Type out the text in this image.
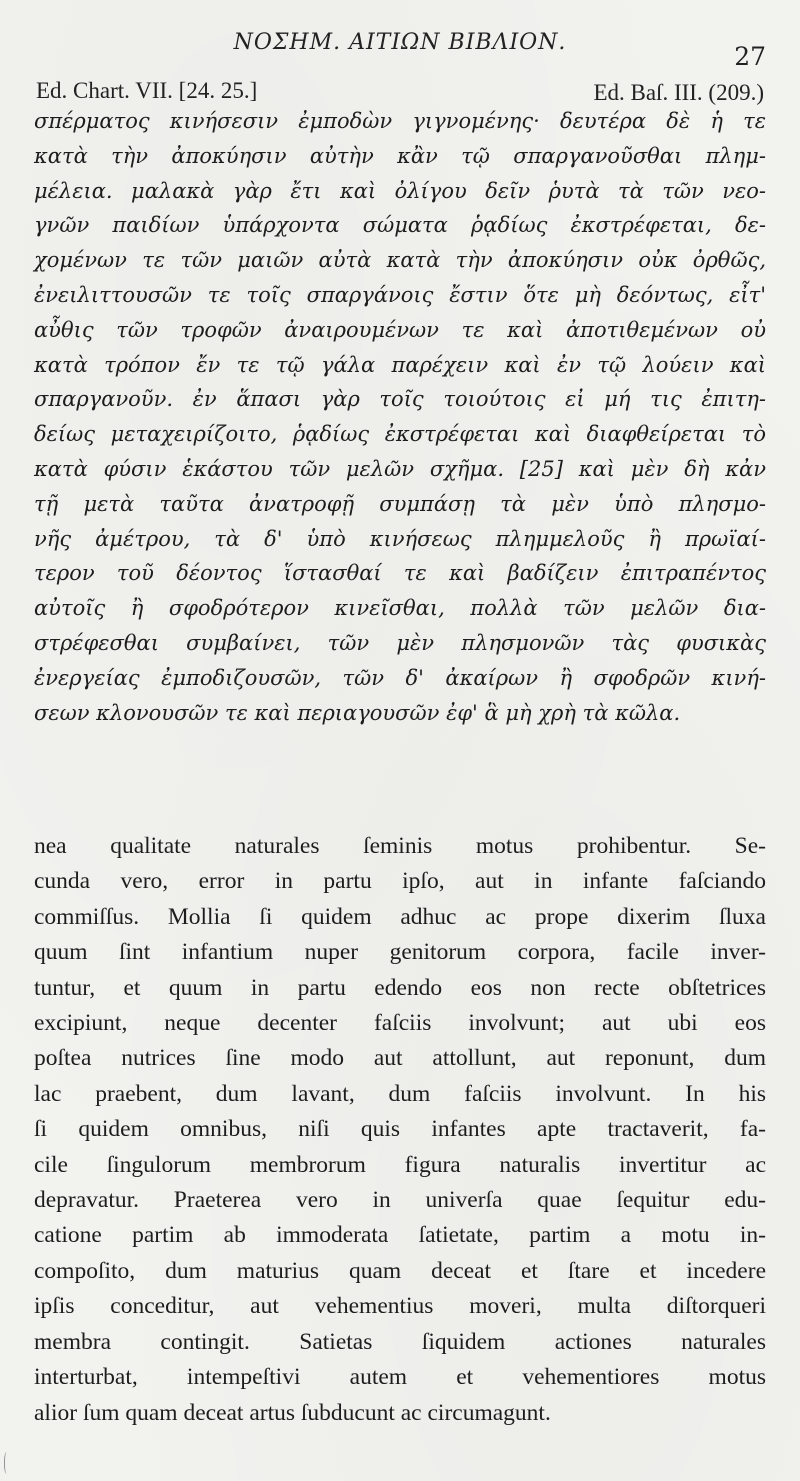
ΝΟΣΗΜ. ΑΙΤΙΩΝ ΒΙΒΛΙΟΝ.	27
Ed. Chart. VII. [24. 25.]	Ed. Baſ. III. (209.)
σπέρματος κινήσεσιν ἐμποδὼν γιγνομένης· δευτέρα δὲ ἡ τε
κατὰ τὴν ἀποκύησιν αὐτὴν κἂν τῷ σπαργανοῦσθαι πλημ-
μέλεια. μαλακὰ γὰρ ἔτι καὶ ὀλίγου δεῖν ῥυτὰ τὰ τῶν νεο-
γνῶν παιδίων ὑπάρχοντα σώματα ῥᾳδίως ἐκστρέφεται, δε-
χομένων τε τῶν μαιῶν αὐτὰ κατὰ τὴν ἀποκύησιν οὐκ ὀρθῶς,
ἐνειλιττουσῶν τε τοῖς σπαργάνοις ἔστιν ὅτε μὴ δεόντως, εἶτ'
αὖθις τῶν τροφῶν ἀναιρουμένων τε καὶ ἀποτιθεμένων οὐ
κατὰ τρόπον ἔν τε τῷ γάλα παρέχειν καὶ ἐν τῷ λούειν καὶ
σπαργανοῦν. ἐν ἅπασι γὰρ τοῖς τοιούτοις εἰ μή τις ἐπιτη-
δείως μεταχειρίζοιτο, ῥᾳδίως ἐκστρέφεται καὶ διαφθείρεται τὸ
κατὰ φύσιν ἑκάστου τῶν μελῶν σχῆμα. [25] καὶ μὲν δὴ κἀν
τῇ μετὰ ταῦτα ἀνατροφῇ συμπάσῃ τὰ μὲν ὑπὸ πλησμο-
νῆς ἀμέτρου, τὰ δ' ὑπὸ κινήσεως πλημμελοῦς ἢ πρωϊαί-
τερον τοῦ δέοντος ἵστασθαί τε καὶ βαδίζειν ἐπιτραπέντος
αὐτοῖς ἢ σφοδρότερον κινεῖσθαι, πολλὰ τῶν μελῶν δια-
στρέφεσθαι συμβαίνει, τῶν μὲν πλησμονῶν τὰς φυσικὰς
ἐνεργείας ἐμποδιζουσῶν, τῶν δ' ἀκαίρων ἢ σφοδρῶν κινή-
σεων κλονουσῶν τε καὶ περιαγουσῶν ἐφ' ἃ μὴ χρὴ τὰ κῶλα.
nea qualitate naturales ſeminis motus prohibentur. Se-
cunda vero, error in partu ipſo, aut in infante faſciando
commiſſus. Mollia ſi quidem adhuc ac prope dixerim ſluxa
quum ſint infantium nuper genitorum corpora, facile inver-
tuntur, et quum in partu edendo eos non recte obſtetrices
excipiunt, neque decenter faſciis involvunt; aut ubi eos
poſtea nutrices ſine modo aut attollunt, aut reponunt, dum
lac praebent, dum lavant, dum faſciis involvunt. In his
ſi quidem omnibus, niſi quis infantes apte tractaverit, fa-
cile ſingulorum membrorum figura naturalis invertitur ac
depravatur. Praeterea vero in univerſa quae ſequitur edu-
catione partim ab immoderata ſatietate, partim a motu in-
compoſito, dum maturius quam deceat et ſtare et incedere
ipſis conceditur, aut vehementius moveri, multa diſtorqueri
membra contingit. Satietas ſiquidem actiones naturales
interturbat, intempeſtivi autem et vehementiores motus
alior ſum quam deceat artus ſubducunt ac circumagunt.
